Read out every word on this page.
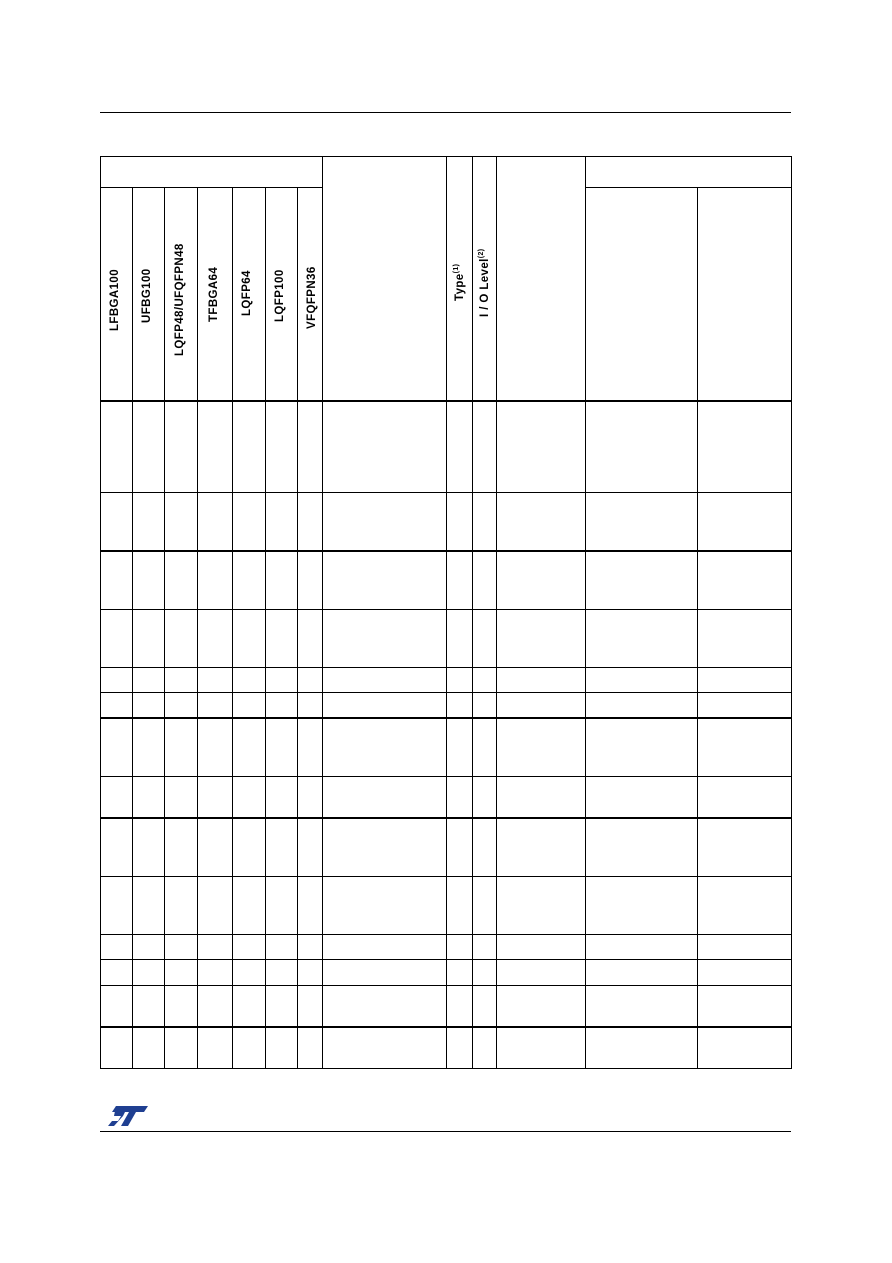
LFBGA100 UFBG100 LQFP48/UFQFPN48 TFBGA64 LQFP64 LQFP100 VFQFPN36	Type$^{(1)}$	I / O Level$^{(2)}$
